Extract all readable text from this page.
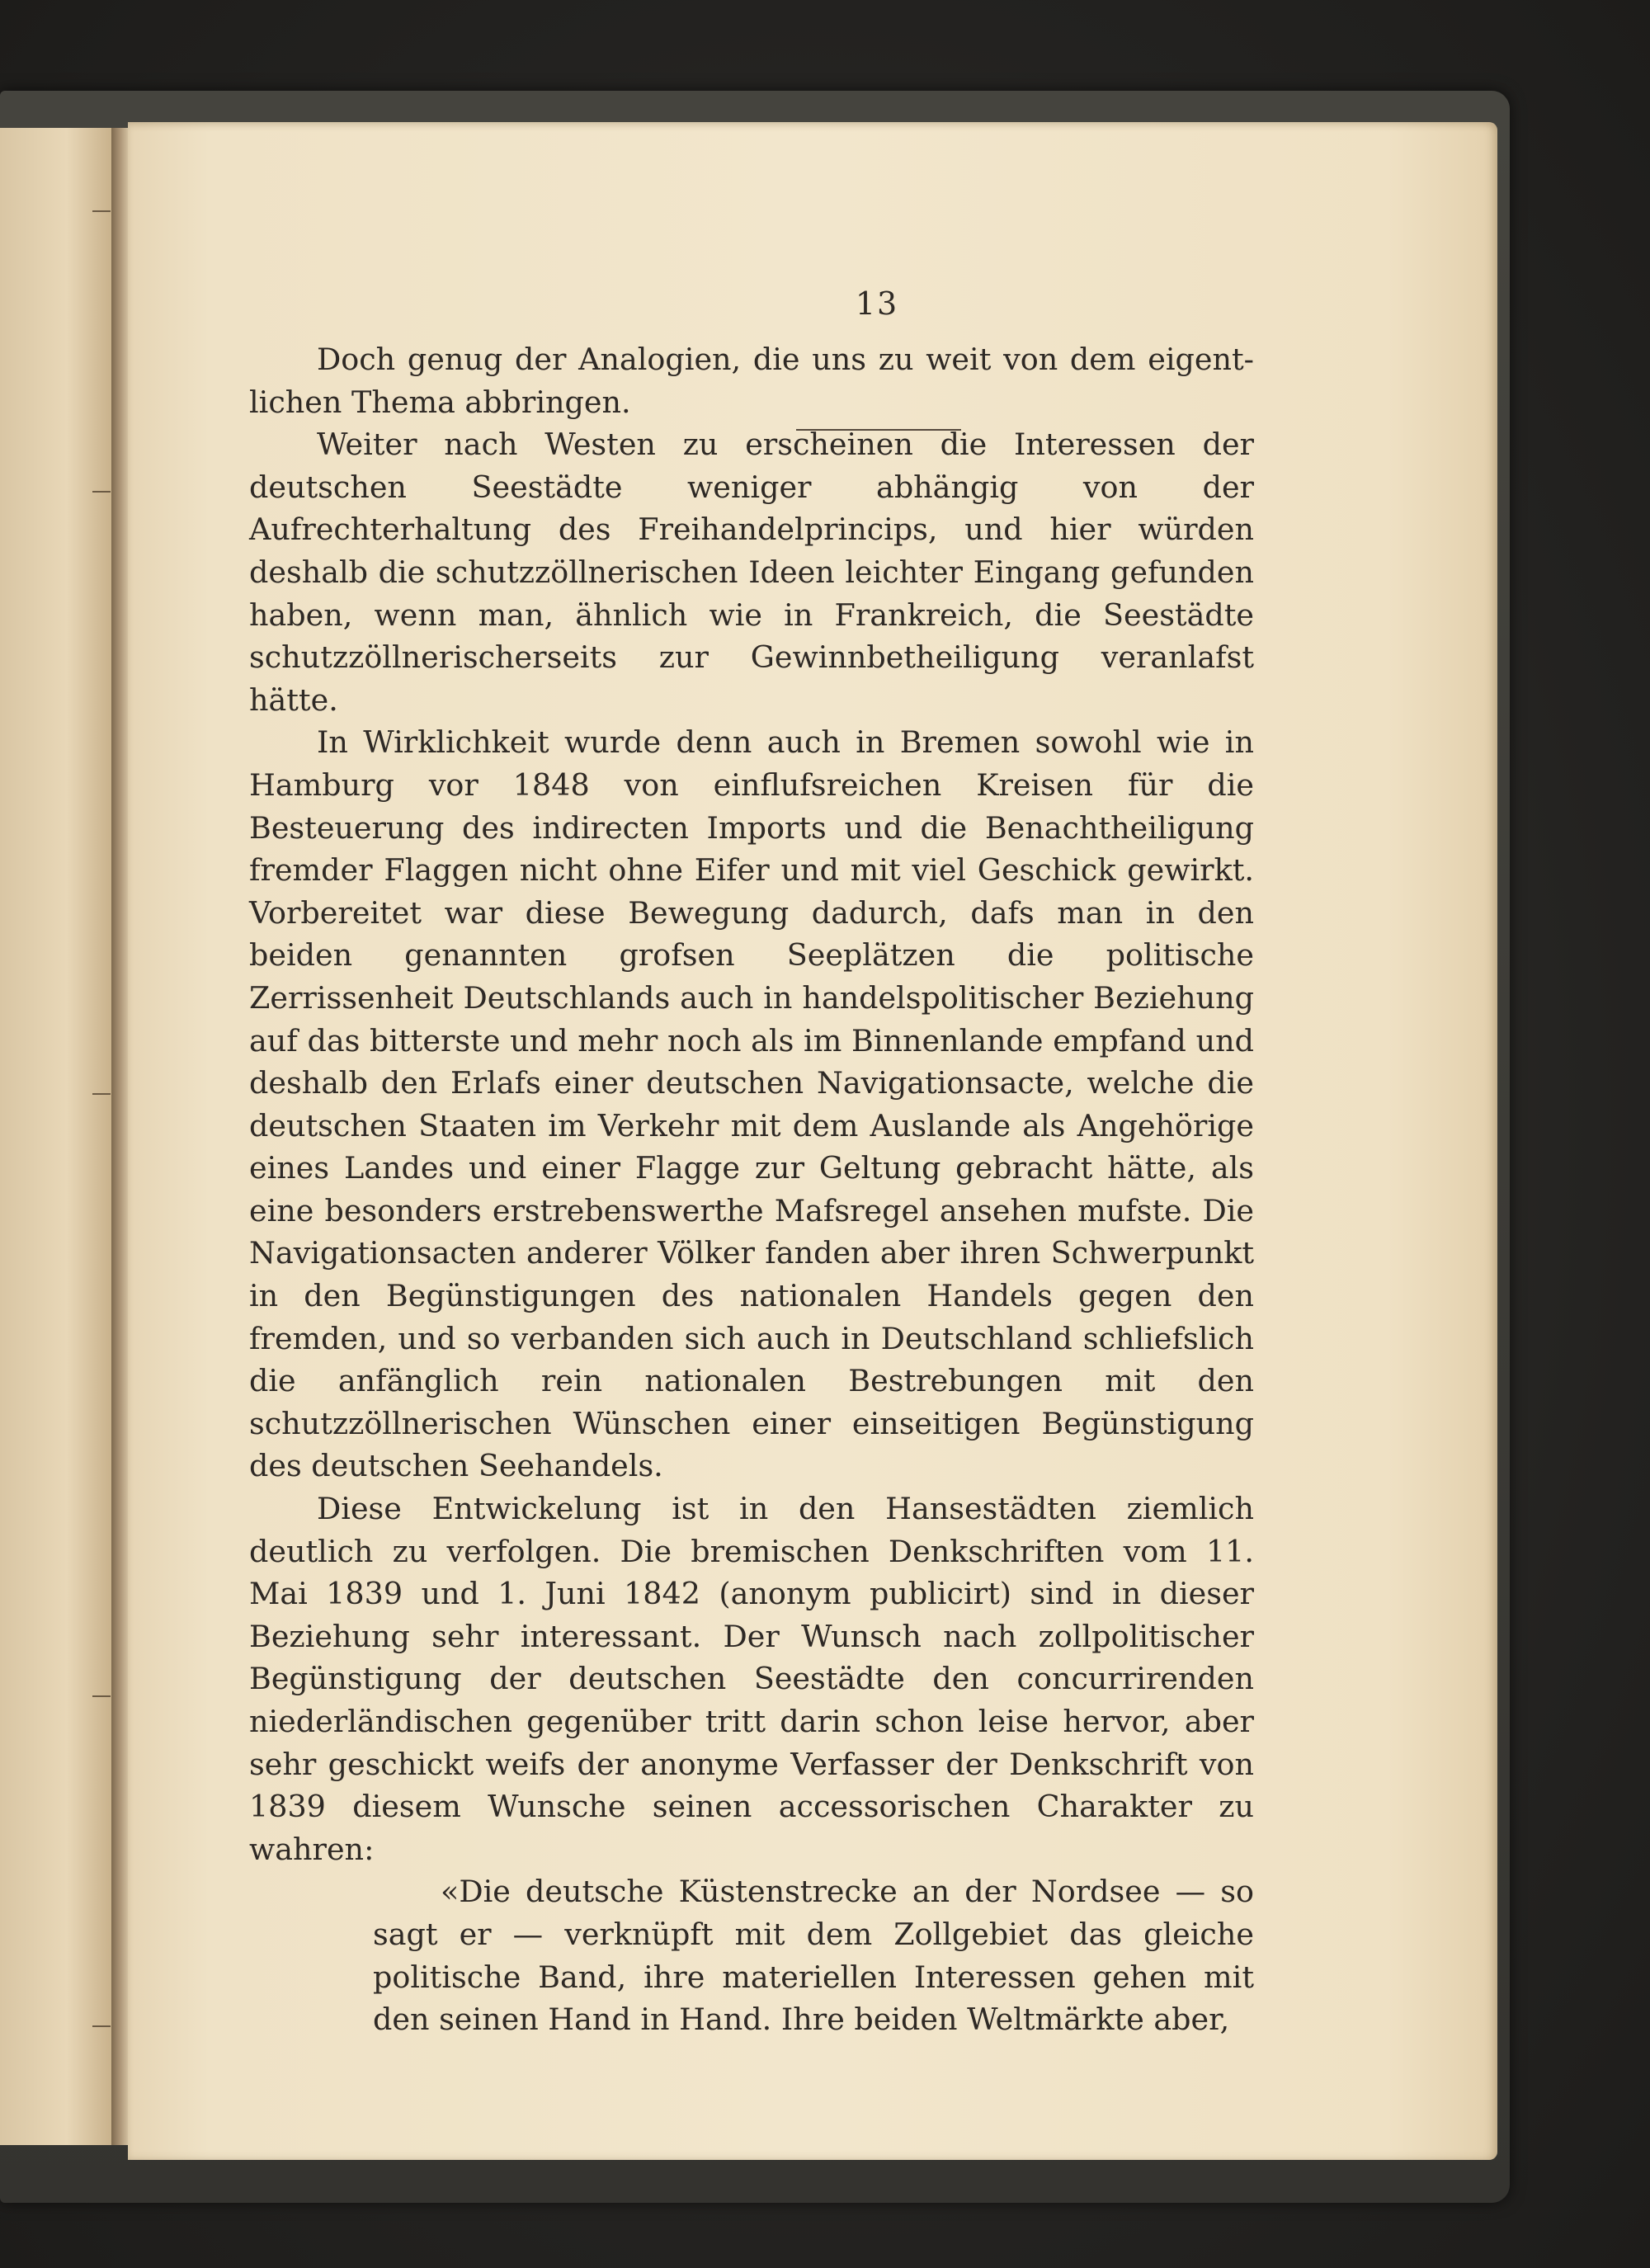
13

Doch genug der Analogien, die uns zu weit von dem eigentlichen Thema abbringen.

Weiter nach Westen zu erscheinen die Interessen der deutschen Seestädte weniger abhängig von der Aufrechterhaltung des Freihandelprincips, und hier würden deshalb die schutzzöllnerischen Ideen leichter Eingang gefunden haben, wenn man, ähnlich wie in Frankreich, die Seestädte schutzzöllnerischerseits zur Gewinnbetheiligung veranlafst hätte.

In Wirklichkeit wurde denn auch in Bremen sowohl wie in Hamburg vor 1848 von einflufsreichen Kreisen für die Besteuerung des indirecten Imports und die Benachtheiligung fremder Flaggen nicht ohne Eifer und mit viel Geschick gewirkt. Vorbereitet war diese Bewegung dadurch, dafs man in den beiden genannten grofsen Seeplätzen die politische Zerrissenheit Deutschlands auch in handelspolitischer Beziehung auf das bitterste und mehr noch als im Binnenlande empfand und deshalb den Erlafs einer deutschen Navigationsacte, welche die deutschen Staaten im Verkehr mit dem Auslande als Angehörige eines Landes und einer Flagge zur Geltung gebracht hätte, als eine besonders erstrebenswerthe Mafsregel ansehen mufste. Die Navigationsacten anderer Völker fanden aber ihren Schwerpunkt in den Begünstigungen des nationalen Handels gegen den fremden, und so verbanden sich auch in Deutschland schliefslich die anfänglich rein nationalen Bestrebungen mit den schutzzöllnerischen Wünschen einer einseitigen Begünstigung des deutschen Seehandels.

Diese Entwickelung ist in den Hansestädten ziemlich deutlich zu verfolgen. Die bremischen Denkschriften vom 11. Mai 1839 und 1. Juni 1842 (anonym publicirt) sind in dieser Beziehung sehr interessant. Der Wunsch nach zollpolitischer Begünstigung der deutschen Seestädte den concurrirenden niederländischen gegenüber tritt darin schon leise hervor, aber sehr geschickt weifs der anonyme Verfasser der Denkschrift von 1839 diesem Wunsche seinen accessorischen Charakter zu wahren:

«Die deutsche Küstenstrecke an der Nordsee — so sagt er — verknüpft mit dem Zollgebiet das gleiche politische Band, ihre materiellen Interessen gehen mit den seinen Hand in Hand. Ihre beiden Weltmärkte aber,
